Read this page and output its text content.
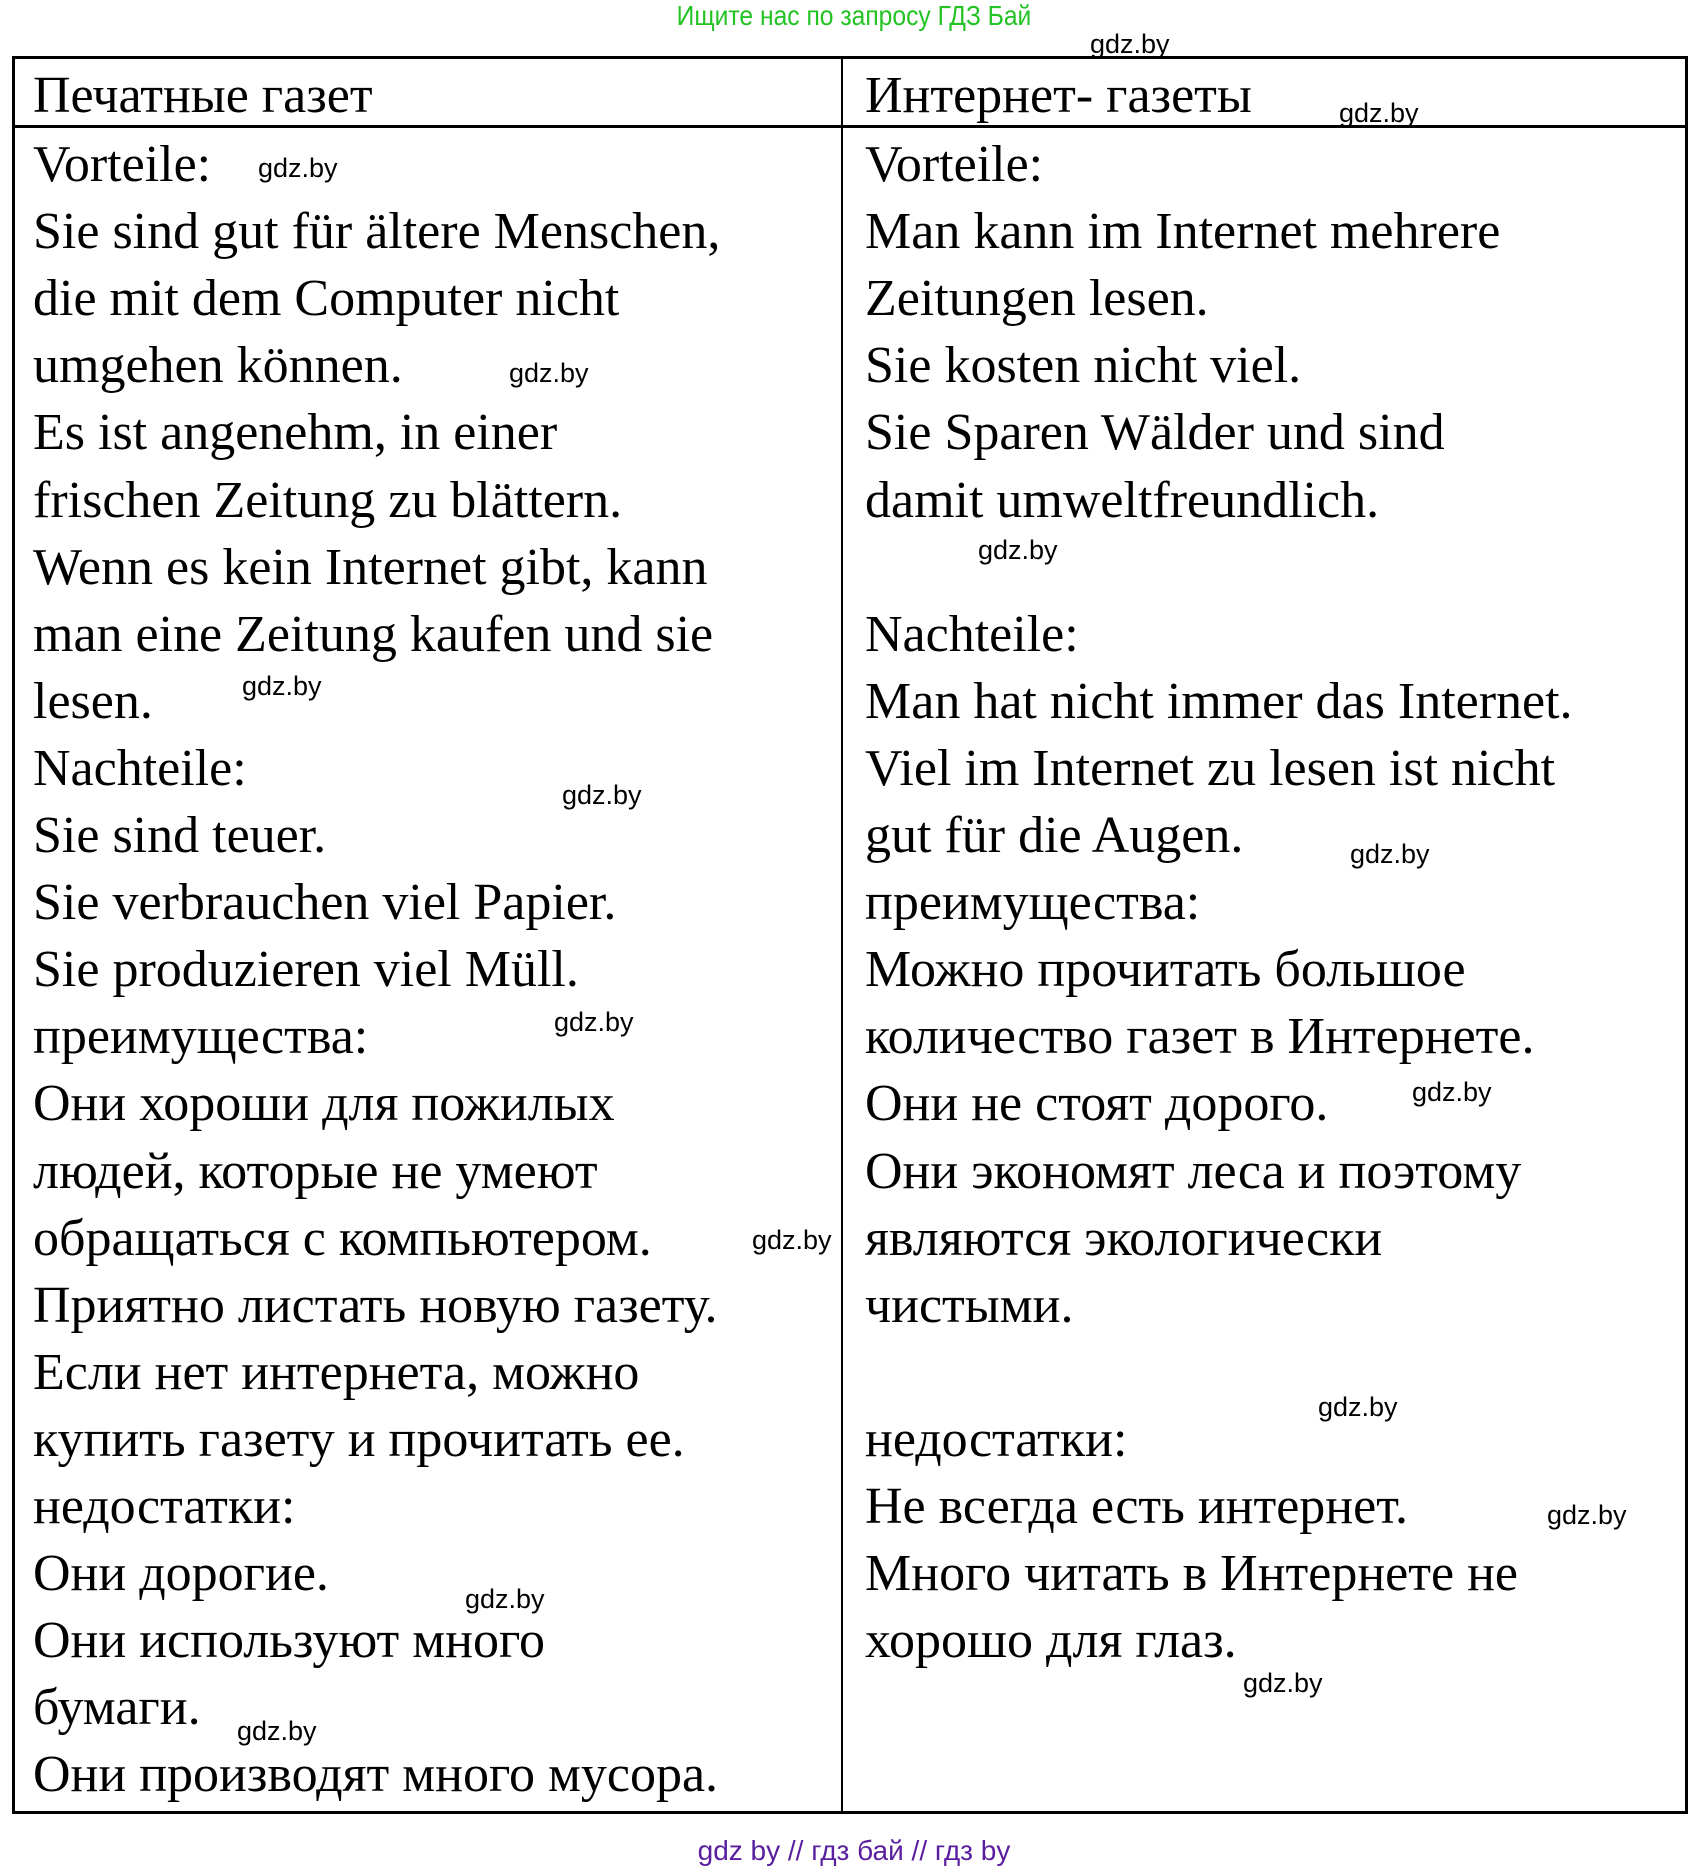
Ищите нас по запросу ГДЗ Бай
Печатные газет	Интернет- газеты
Vorteile:
Sie sind gut für ältere Menschen,
die mit dem Computer nicht
umgehen können.
Es ist angenehm, in einer
frischen Zeitung zu blättern.
Wenn es kein Internet gibt, kann
man eine Zeitung kaufen und sie
lesen.
Nachteile:
Sie sind teuer.
Sie verbrauchen viel Papier.
Sie produzieren viel Müll.
преимущества:
Они хороши для пожилых
людей, которые не умеют
обращаться с компьютером.
Приятно листать новую газету.
Если нет интернета, можно
купить газету и прочитать ее.
недостатки:
Они дорогие.
Они используют много
бумаги.
Они производят много мусора.
Vorteile:
Man kann im Internet mehrere
Zeitungen lesen.
Sie kosten nicht viel.
Sie Sparen Wälder und sind
damit umweltfreundlich.
Nachteile:
Man hat nicht immer das Internet.
Viel im Internet zu lesen ist nicht
gut für die Augen.
преимущества:
Можно прочитать большое
количество газет в Интернете.
Они не стоят дорого.
Они экономят леса и поэтому
являются экологически
чистыми.
недостатки:
Не всегда есть интернет.
Много читать в Интернете не
хорошо для глаз.
gdz.by
gdz.by
gdz.by
gdz.by
gdz.by
gdz.by
gdz.by
gdz.by
gdz.by
gdz.by
gdz.by
gdz.by
gdz.by
gdz.by
gdz.by
gdz.by
gdz by // гдз бай // гдз by
